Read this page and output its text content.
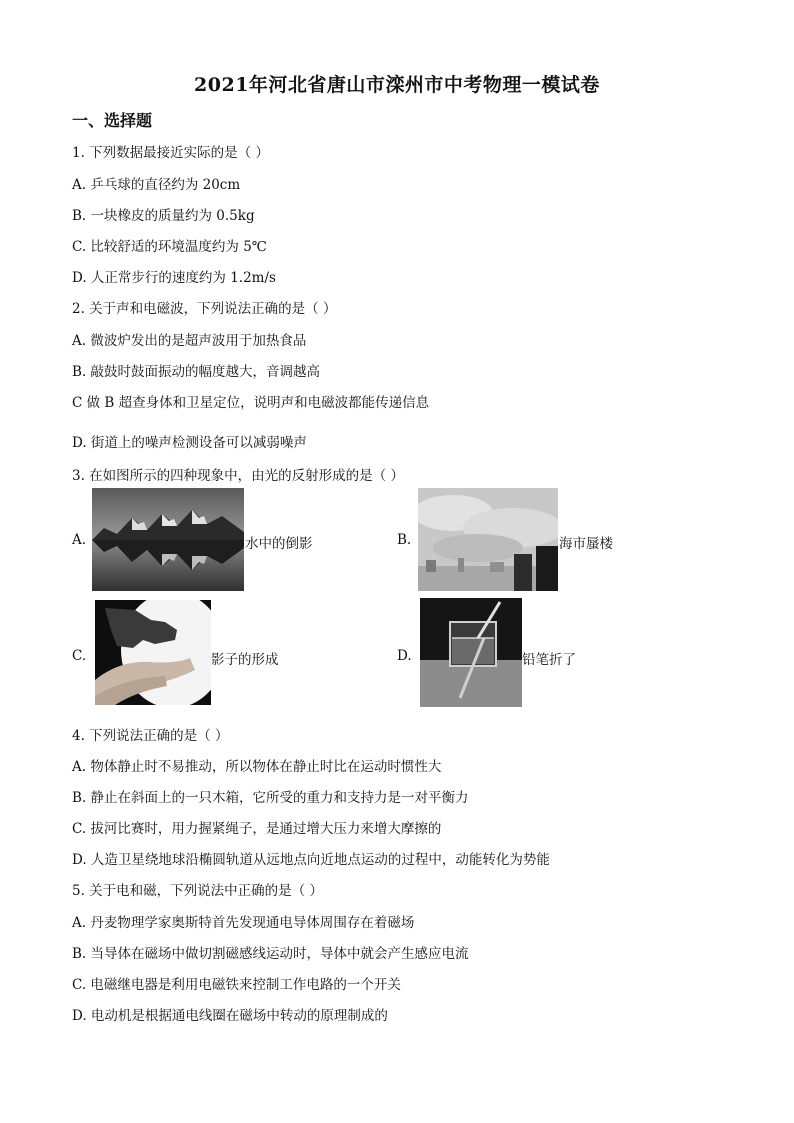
2021年河北省唐山市滦州市中考物理一模试卷
一、选择题
1. 下列数据最接近实际的是（ ）
A. 乒乓球的直径约为 20cm
B. 一块橡皮的质量约为 0.5kg
C. 比较舒适的环境温度约为 5℃
D. 人正常步行的速度约为 1.2m/s
2. 关于声和电磁波，下列说法正确的是（ ）
A. 微波炉发出的是超声波用于加热食品
B. 敲鼓时鼓面振动的幅度越大，音调越高
C 做 B 超查身体和卫星定位，说明声和电磁波都能传递信息
D. 街道上的噪声检测设备可以减弱噪声
3. 在如图所示的四种现象中，由光的反射形成的是（ ）
A.	水中的倒影	B.	海市蜃楼
C.	影子的形成	D.	铅笔折了
4. 下列说法正确的是（ ）
A. 物体静止时不易推动，所以物体在静止时比在运动时惯性大
B. 静止在斜面上的一只木箱，它所受的重力和支持力是一对平衡力
C. 拔河比赛时，用力握紧绳子，是通过增大压力来增大摩擦的
D. 人造卫星绕地球沿椭圆轨道从远地点向近地点运动的过程中，动能转化为势能
5. 关于电和磁，下列说法中正确的是（ ）
A. 丹麦物理学家奥斯特首先发现通电导体周围存在着磁场
B. 当导体在磁场中做切割磁感线运动时，导体中就会产生感应电流
C. 电磁继电器是利用电磁铁来控制工作电路的一个开关
D. 电动机是根据通电线圈在磁场中转动的原理制成的
